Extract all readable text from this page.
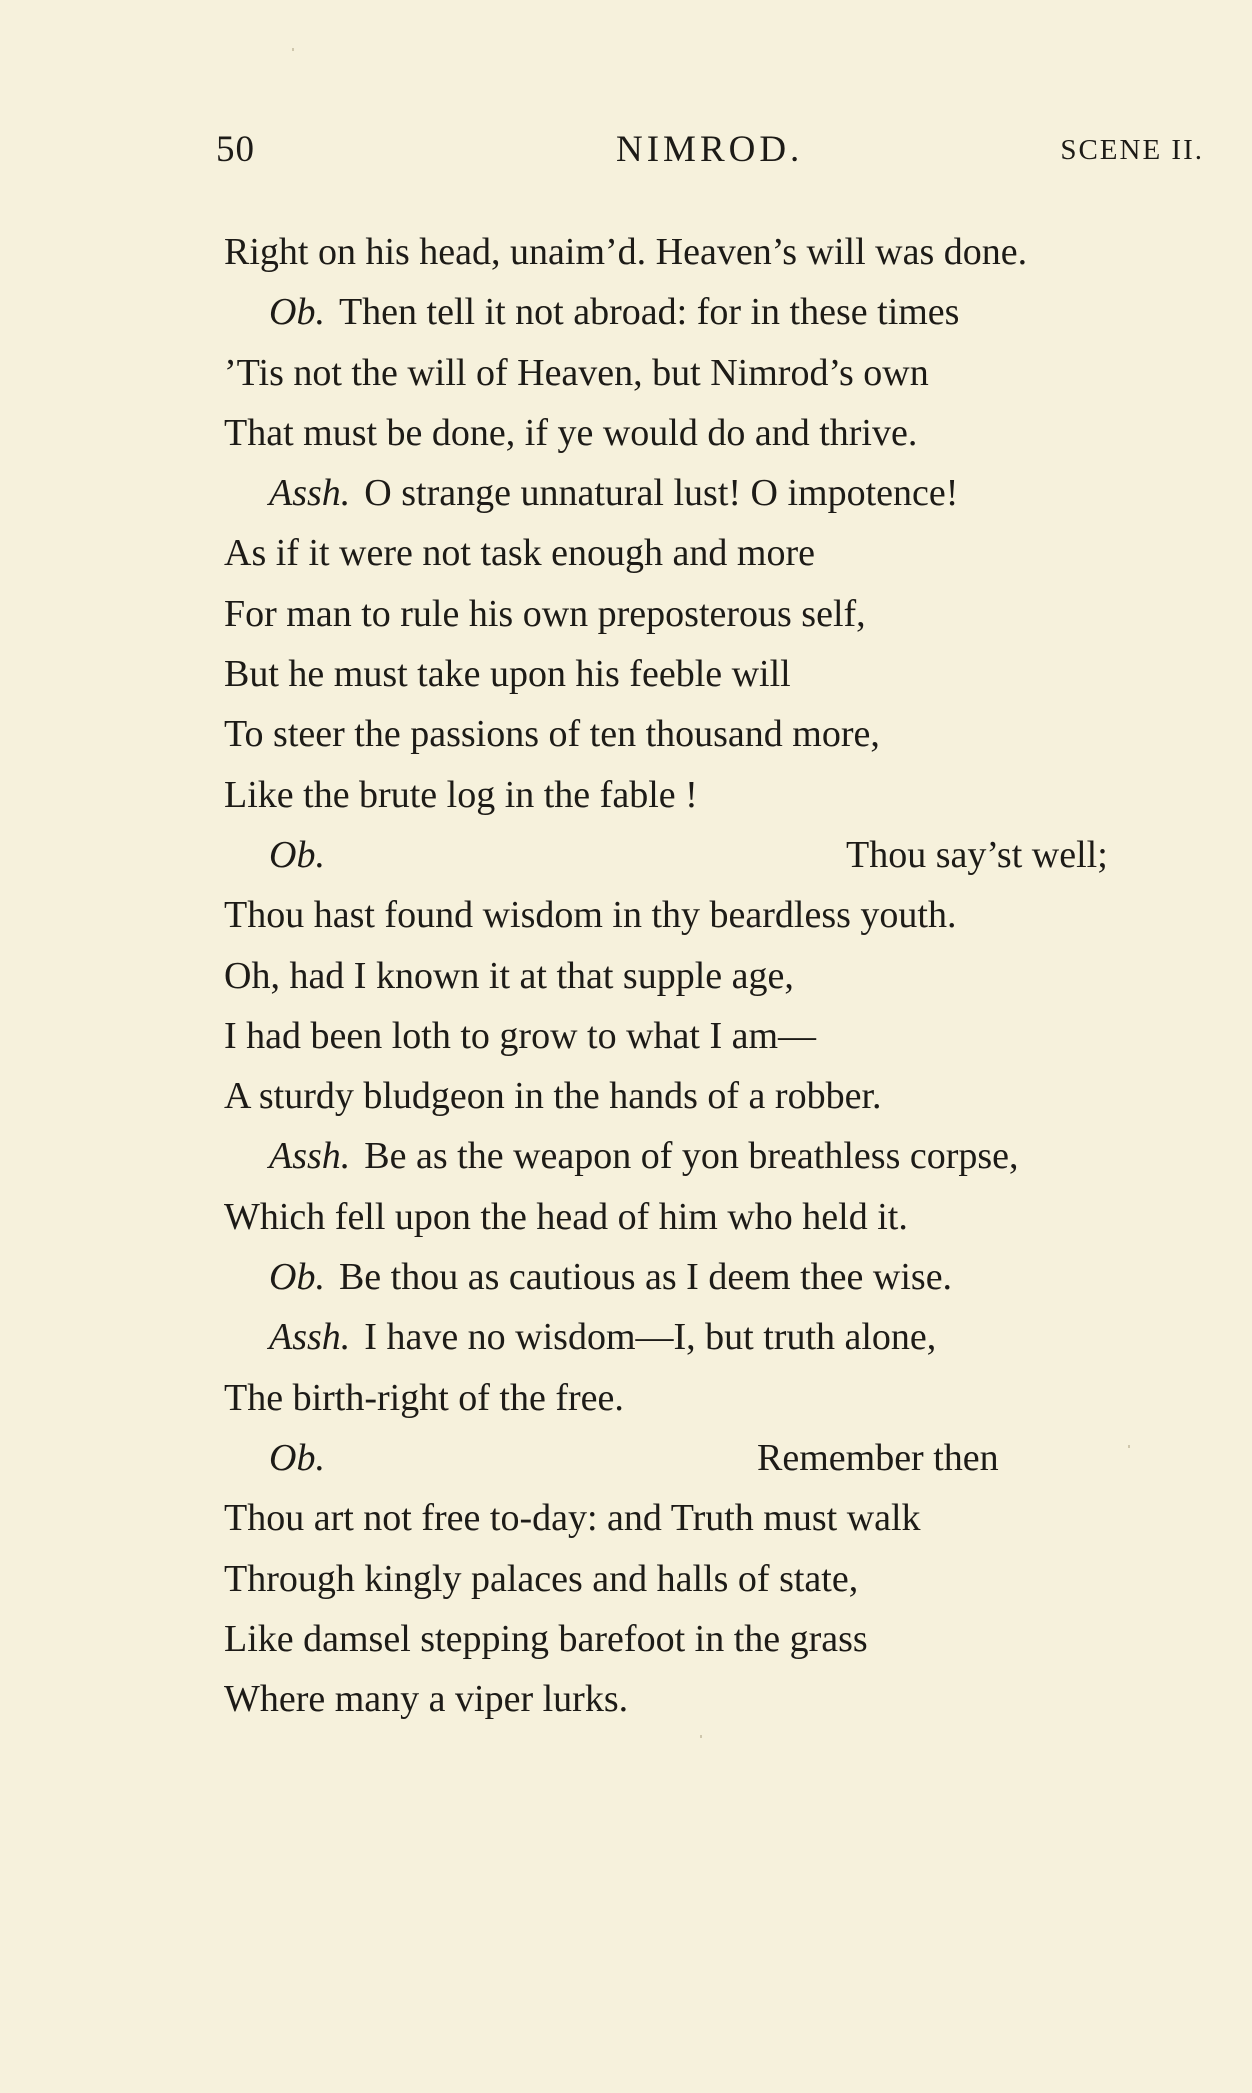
50	NIMROD.	SCENE II.
Right on his head, unaim’d. Heaven’s will was done.
Ob. Then tell it not abroad: for in these times
’Tis not the will of Heaven, but Nimrod’s own
That must be done, if ye would do and thrive.
Assh. O strange unnatural lust! O impotence!
As if it were not task enough and more
For man to rule his own preposterous self,
But he must take upon his feeble will
To steer the passions of ten thousand more,
Like the brute log in the fable !
Ob.	Thou say’st well;
Thou hast found wisdom in thy beardless youth.
Oh, had I known it at that supple age,
I had been loth to grow to what I am—
A sturdy bludgeon in the hands of a robber.
Assh. Be as the weapon of yon breathless corpse,
Which fell upon the head of him who held it.
Ob. Be thou as cautious as I deem thee wise.
Assh. I have no wisdom—I, but truth alone,
The birth-right of the free.
Ob.	Remember then
Thou art not free to-day: and Truth must walk
Through kingly palaces and halls of state,
Like damsel stepping barefoot in the grass
Where many a viper lurks.
